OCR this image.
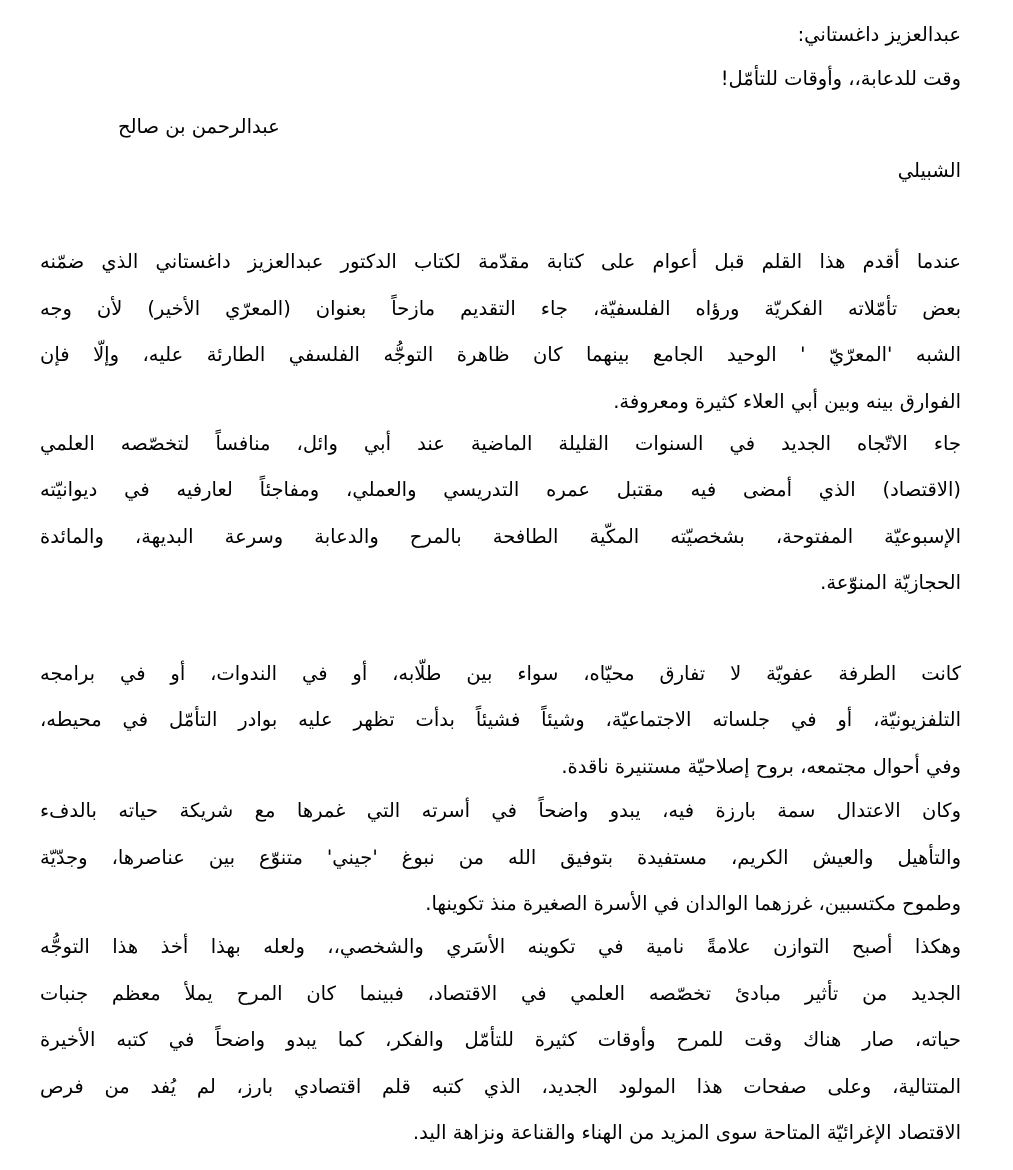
عبدالعزيز داغستاني:
وقت للدعابة،، وأوقات للتأمّل!
عبدالرحمن بن صالح
الشبيلي
عندما أقدم هذا القلم قبل أعوام على كتابة مقدّمة لكتاب الدكتور عبدالعزيز داغستاني الذي ضمّنه
بعض تأمّلاته الفكريّة ورؤاه الفلسفيّة، جاء التقديم مازحاً بعنوان (المعرّي الأخير) لأن وجه
الشبه 'المعرّيّ ' الوحيد الجامع بينهما كان ظاهرة التوجُّه الفلسفي الطارئة عليه، وإلّا فإن
الفوارق بينه وبين أبي العلاء كثيرة ومعروفة.
جاء الاتّجاه الجديد في السنوات القليلة الماضية عند أبي وائل، منافساً لتخصّصه العلمي
(الاقتصاد) الذي أمضى فيه مقتبل عمره التدريسي والعملي، ومفاجئاً لعارفيه في ديوانيّته
الإسبوعيّة المفتوحة، بشخصيّته المكّية الطافحة بالمرح والدعابة وسرعة البديهة، والمائدة
الحجازيّة المنوّعة.
كانت الطرفة عفويّة لا تفارق محيّاه، سواء بين طلّابه، أو في الندوات، أو في برامجه
التلفزيونيّة، أو في جلساته الاجتماعيّة، وشيئاً فشيئاً بدأت تظهر عليه بوادر التأمّل في محيطه،
وفي أحوال مجتمعه، بروح إصلاحيّة مستنيرة ناقدة.
وكان الاعتدال سمة بارزة فيه، يبدو واضحاً في أسرته التي غمرها مع شريكة حياته بالدفء
والتأهيل والعيش الكريم، مستفيدة بتوفيق الله من نبوغ 'جيني' متنوّع بين عناصرها، وجدّيّة
وطموح مكتسبين، غرزهما الوالدان في الأسرة الصغيرة منذ تكوينها.
وهكذا أصبح التوازن علامةً نامية في تكوينه الأسَري والشخصي،، ولعله بهذا أخذ هذا التوجُّه
الجديد من تأثير مبادئ تخصّصه العلمي في الاقتصاد، فبينما كان المرح يملأ معظم جنبات
حياته، صار هناك وقت للمرح وأوقات كثيرة للتأمّل والفكر، كما يبدو واضحاً في كتبه الأخيرة
المتتالية، وعلى صفحات هذا المولود الجديد، الذي كتبه قلم اقتصادي بارز، لم يُفد من فرص
الاقتصاد الإغرائيّة المتاحة سوى المزيد من الهناء والقناعة ونزاهة اليد.
